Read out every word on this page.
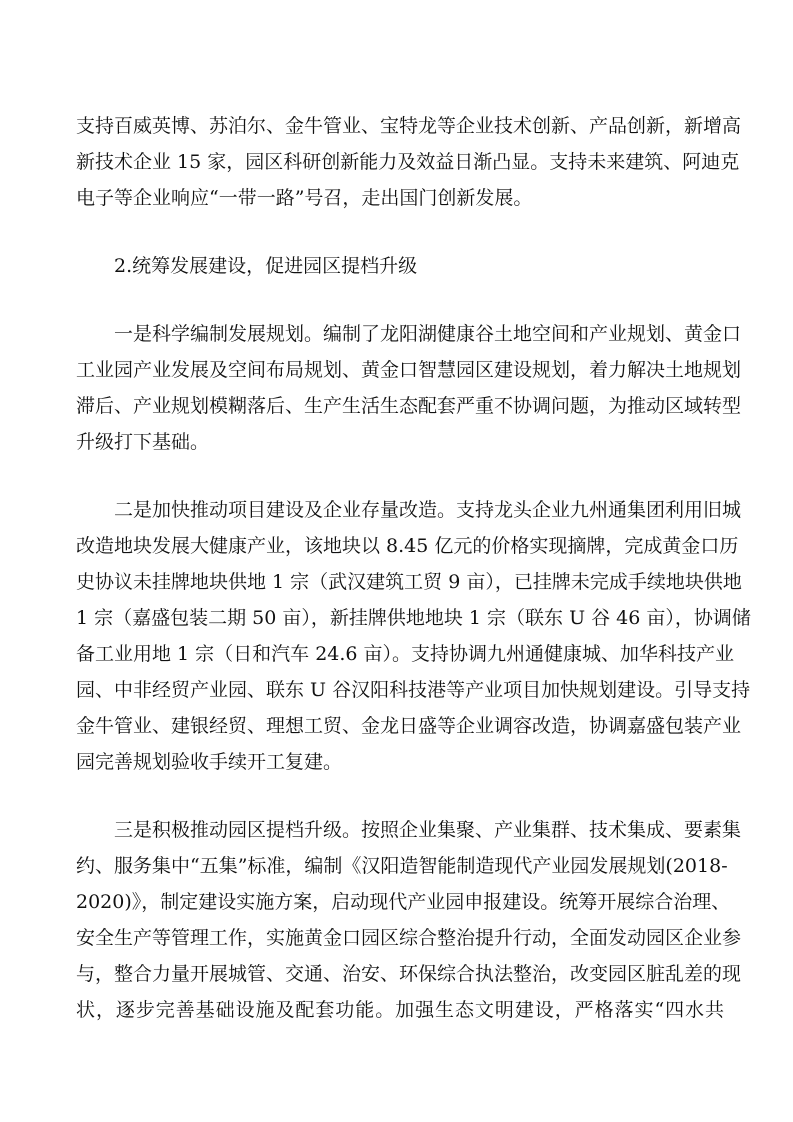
支持百威英博、苏泊尔、金牛管业、宝特龙等企业技术创新、产品创新，新增高
新技术企业 15 家，园区科研创新能力及效益日渐凸显。支持未来建筑、阿迪克
电子等企业响应“一带一路”号召，走出国门创新发展。
2.统筹发展建设，促进园区提档升级
一是科学编制发展规划。编制了龙阳湖健康谷土地空间和产业规划、黄金口
工业园产业发展及空间布局规划、黄金口智慧园区建设规划，着力解决土地规划
滞后、产业规划模糊落后、生产生活生态配套严重不协调问题，为推动区域转型
升级打下基础。
二是加快推动项目建设及企业存量改造。支持龙头企业九州通集团利用旧城
改造地块发展大健康产业，该地块以 8.45 亿元的价格实现摘牌，完成黄金口历
史协议未挂牌地块供地 1 宗（武汉建筑工贸 9 亩），已挂牌未完成手续地块供地
1 宗（嘉盛包装二期 50 亩），新挂牌供地地块 1 宗（联东 U 谷 46 亩），协调储
备工业用地 1 宗（日和汽车 24.6 亩）。支持协调九州通健康城、加华科技产业
园、中非经贸产业园、联东 U 谷汉阳科技港等产业项目加快规划建设。引导支持
金牛管业、建银经贸、理想工贸、金龙日盛等企业调容改造，协调嘉盛包装产业
园完善规划验收手续开工复建。
三是积极推动园区提档升级。按照企业集聚、产业集群、技术集成、要素集
约、服务集中“五集”标准，编制《汉阳造智能制造现代产业园发展规划(2018-
2020)》，制定建设实施方案，启动现代产业园申报建设。统筹开展综合治理、
安全生产等管理工作，实施黄金口园区综合整治提升行动，全面发动园区企业参
与，整合力量开展城管、交通、治安、环保综合执法整治，改变园区脏乱差的现
状，逐步完善基础设施及配套功能。加强生态文明建设，严格落实“四水共
